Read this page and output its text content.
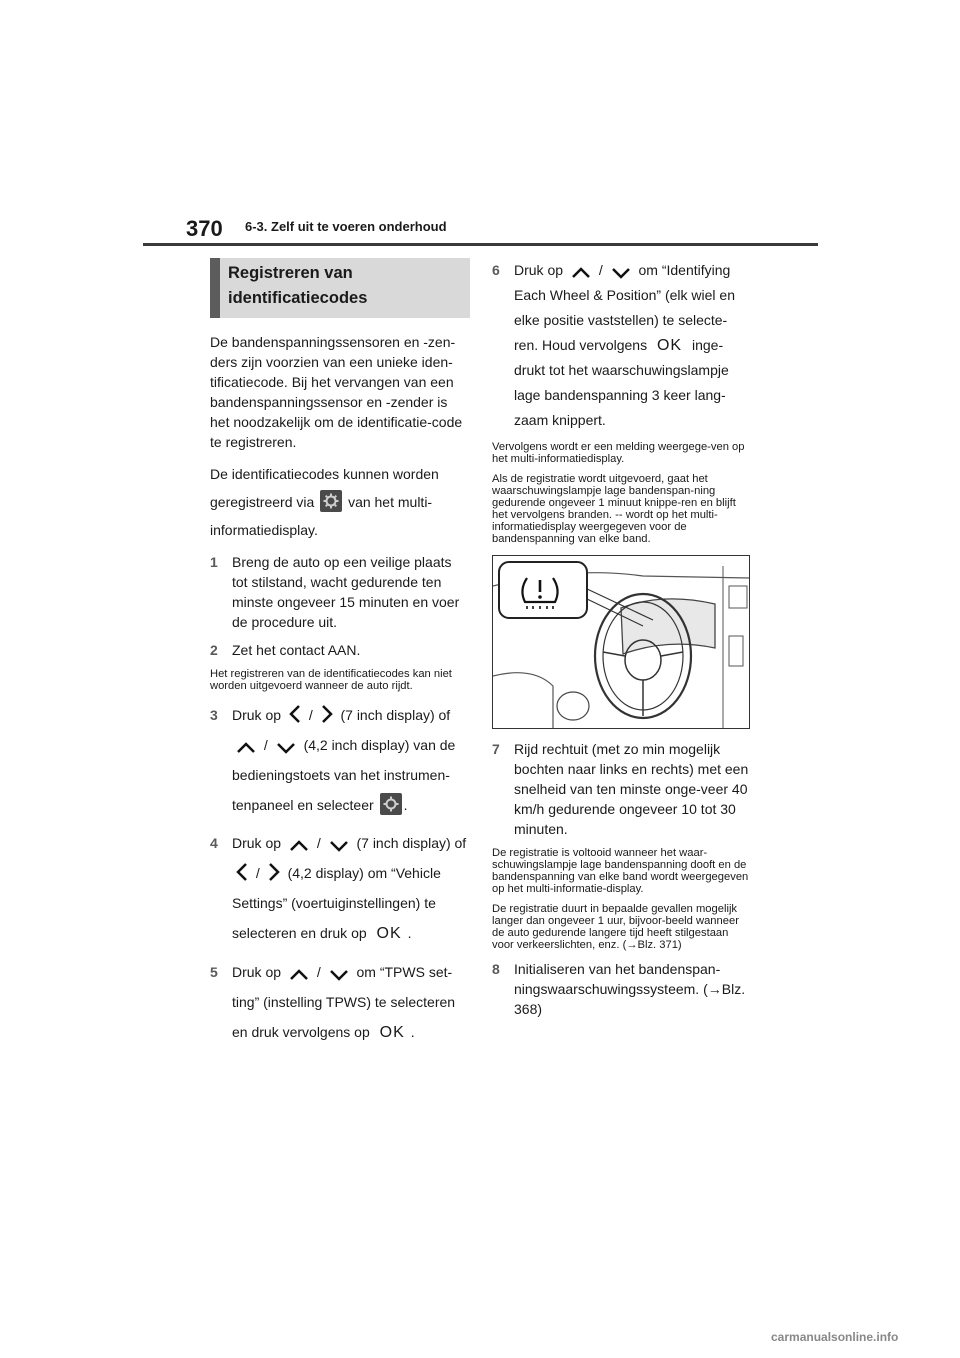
370 6-3. Zelf uit te voeren onderhoud
Registreren van
identificatiecodes

De bandenspanningssensoren en -zen-ders zijn voorzien van een unieke iden-tificatiecode. Bij het vervangen van een bandenspanningssensor en -zender is het noodzakelijk om de identificatie-code te registreren.

De identificatiecodes kunnen worden geregistreerd via van het multi-informatiedisplay.

1 Breng de auto op een veilige plaats tot stilstand, wacht gedurende ten minste ongeveer 15 minuten en voer de procedure uit.
2 Zet het contact AAN.

Het registreren van de identificatiecodes kan niet worden uitgevoerd wanneer de auto rijdt.

3 Druk op / (7 inch display) of  /	(4,2 inch display) van de bedieningstoets van het instrumen-tenpaneel en selecteer .
4 Druk op	/	(7 inch display) of  / (4,2 display) om “Vehicle Settings” (voertuiginstellingen) te selecteren en druk op OK .
5 Druk op	/	om “TPWS set-ting” (instelling TPWS) te selecteren en druk vervolgens op OK .
6 Druk op	/	om “Identifying Each Wheel & Position” (elk wiel en elke positie vaststellen) te selecte-ren. Houd vervolgens OK inge-drukt tot het waarschuwingslampje lage bandenspanning 3 keer lang-zaam knippert.

Vervolgens wordt er een melding weergege-ven op het multi-informatiedisplay.

Als de registratie wordt uitgevoerd, gaat het waarschuwingslampje lage bandenspan-ning gedurende ongeveer 1 minuut knippe-ren en blijft het vervolgens branden. -- wordt op het multi-informatiedisplay weergegeven voor de bandenspanning van elke band.

7 Rijd rechtuit (met zo min mogelijk bochten naar links en rechts) met een snelheid van ten minste onge-veer 40 km/h gedurende ongeveer 10 tot 30 minuten.

De registratie is voltooid wanneer het waar-schuwingslampje lage bandenspanning dooft en de bandenspanning van elke band wordt weergegeven op het multi-informatie-display.

De registratie duurt in bepaalde gevallen mogelijk langer dan ongeveer 1 uur, bijvoor-beeld wanneer de auto gedurende langere tijd heeft stilgestaan voor verkeerslichten, enz. (→Blz. 371)

8 Initialiseren van het bandenspan-ningswaarschuwingssysteem. (→Blz. 368)
carmanualsonline.info
